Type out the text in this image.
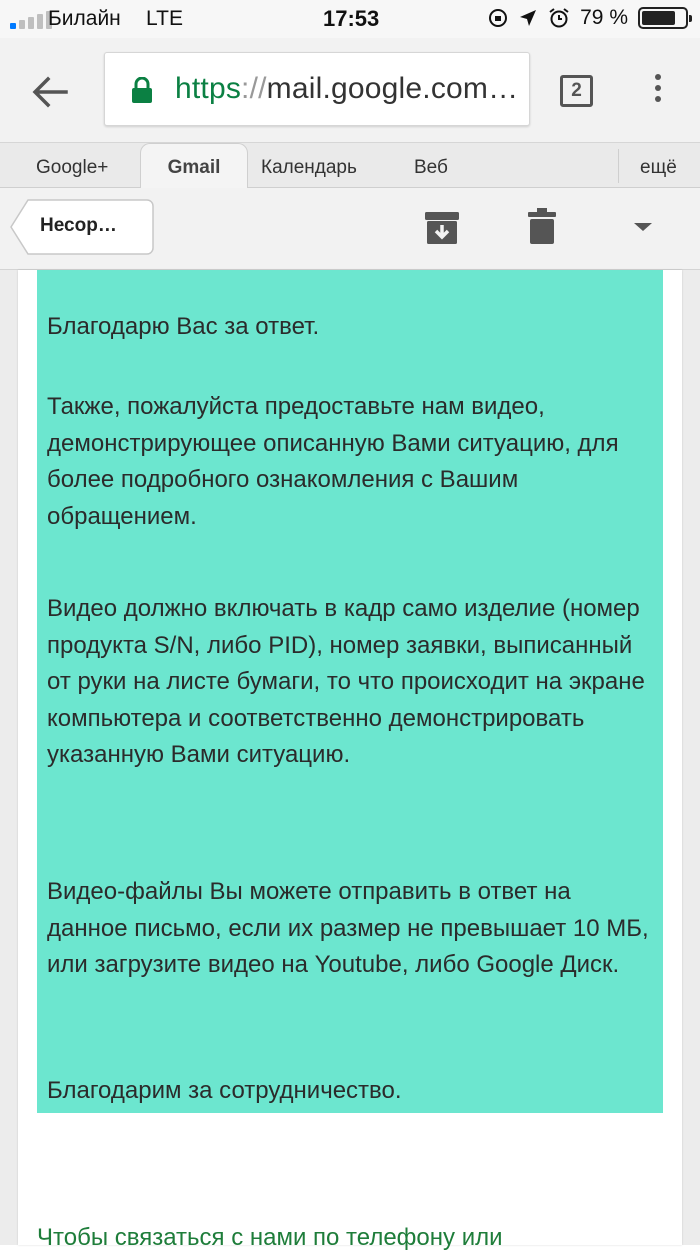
Билайн LTE	17:53	79 %
https://mail.google.com…	2
Google+	Gmail	Календарь	Веб	ещё
Несор…

Благодарю Вас за ответ.

Также, пожалуйста предоставьте нам видео, демонстрирующее описанную Вами ситуацию, для более подробного ознакомления с Вашим обращением.

Видео должно включать в кадр само изделие (номер продукта S/N, либо PID), номер заявки, выписанный от руки на листе бумаги, то что происходит на экране компьютера и соответственно демонстрировать указанную Вами ситуацию.

Видео-файлы Вы можете отправить в ответ на данное письмо, если их размер не превышает 10 МБ, или загрузите видео на Youtube, либо Google Диск.

Благодарим за сотрудничество.

Чтобы связаться с нами по телефону или
